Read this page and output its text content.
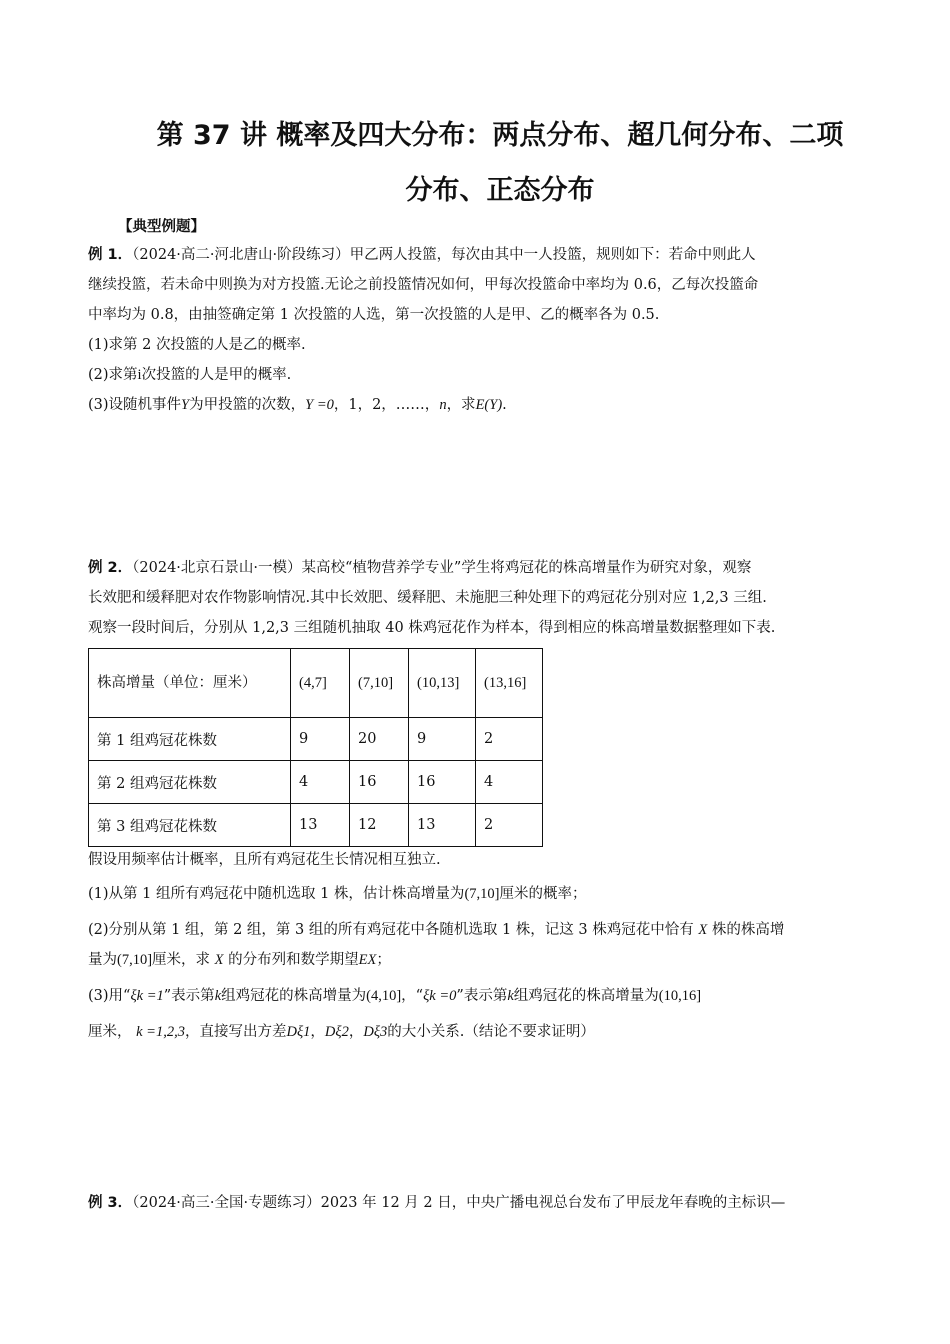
第 37 讲 概率及四大分布：两点分布、超几何分布、二项

分布、正态分布
【典型例题】
例 1．（2024·高二·河北唐山·阶段练习）甲乙两人投篮，每次由其中一人投篮，规则如下：若命中则此人
继续投篮，若未命中则换为对方投篮.无论之前投篮情况如何，甲每次投篮命中率均为 0.6，乙每次投篮命
中率均为 0.8，由抽签确定第 1 次投篮的人选，第一次投篮的人是甲、乙的概率各为 0.5.
(1)求第 2 次投篮的人是乙的概率.
(2)求第i次投篮的人是甲的概率.
(3)设随机事件Y为甲投篮的次数，Y =0，1，2，……，n，求E(Y).
例 2．（2024·北京石景山·一模）某高校“植物营养学专业”学生将鸡冠花的株高增量作为研究对象，观察
长效肥和缓释肥对农作物影响情况.其中长效肥、缓释肥、未施肥三种处理下的鸡冠花分别对应 1,2,3 三组.
观察一段时间后，分别从 1,2,3 三组随机抽取 40 株鸡冠花作为样本，得到相应的株高增量数据整理如下表.
株高增量（单位：厘米）	(4,7]	(7,10]	(10,13]	(13,16]
第 1 组鸡冠花株数	9	20	9	2
第 2 组鸡冠花株数	4	16	16	4
第 3 组鸡冠花株数	13	12	13	2
假设用频率估计概率，且所有鸡冠花生长情况相互独立.
(1)从第 1 组所有鸡冠花中随机选取 1 株，估计株高增量为(7,10]厘米的概率；
(2)分别从第 1 组，第 2 组，第 3 组的所有鸡冠花中各随机选取 1 株，记这 3 株鸡冠花中恰有 X 株的株高增
量为(7,10]厘米，求 X 的分布列和数学期望EX；
(3)用“ξk =1”表示第k组鸡冠花的株高增量为(4,10]，“ξk =0”表示第k组鸡冠花的株高增量为(10,16]
厘米， k =1,2,3，直接写出方差Dξ1，Dξ2，Dξ3的大小关系.（结论不要求证明）
例 3．（2024·高三·全国·专题练习）2023 年 12 月 2 日，中央广播电视总台发布了甲辰龙年春晚的主标识—
